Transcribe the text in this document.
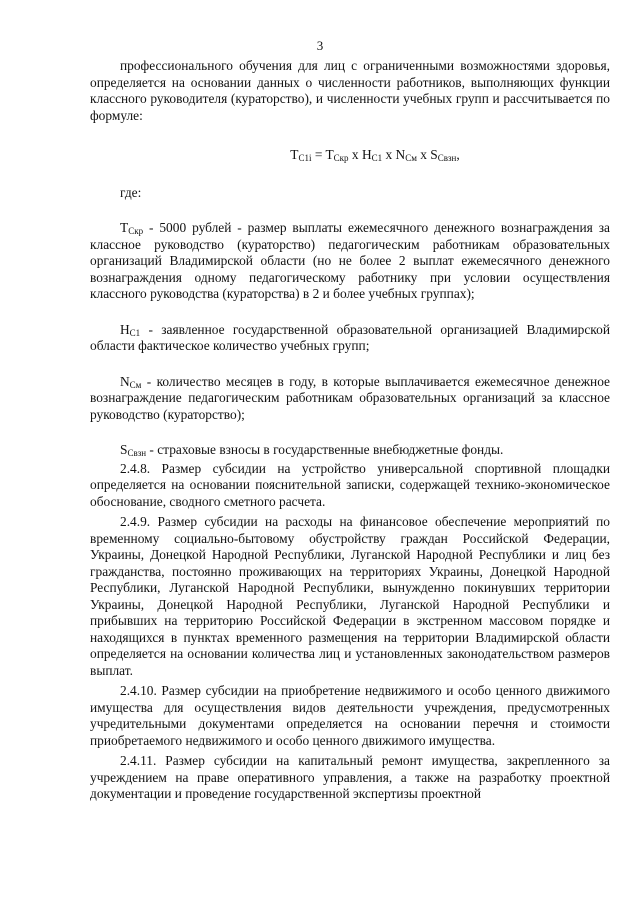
3

профессионального обучения для лиц с ограниченными возможностями здоровья, определяется на основании данных о численности работников, выполняющих функции классного руководителя (кураторство), и численности учебных групп и рассчитывается по формуле:

$T_{C1i} = T_{Скр}$ x $H_{C1}$ x $N_{См}$ x $S_{Свзн}$,

где:

$T_{Скр} - 5000$ рублей - размер выплаты ежемесячного денежного вознаграждения за классное руководство (кураторство) педагогическим работникам образовательных организаций Владимирской области (но не более 2 выплат ежемесячного денежного вознаграждения одному педагогическому работнику при условии осуществления классного руководства (кураторства) в 2 и более учебных группах);

$H_{C1}$ - заявленное государственной образовательной организацией Владимирской области фактическое количество учебных групп;

$N_{См}$ - количество месяцев в году, в которые выплачивается ежемесячное денежное вознаграждение педагогическим работникам образовательных организаций за классное руководство (кураторство);

$S_{Свзн}$ - страховые взносы в государственные внебюджетные фонды.

2.4.8. Размер субсидии на устройство универсальной спортивной площадки определяется на основании пояснительной записки, содержащей технико-экономическое обоснование, сводного сметного расчета.

2.4.9. Размер субсидии на расходы на финансовое обеспечение мероприятий по временному социально-бытовому обустройству граждан Российской Федерации, Украины, Донецкой Народной Республики, Луганской Народной Республики и лиц без гражданства, постоянно проживающих на территориях Украины, Донецкой Народной Республики, Луганской Народной Республики, вынужденно покинувших территории Украины, Донецкой Народной Республики, Луганской Народной Республики и прибывших на территорию Российской Федерации в экстренном массовом порядке и находящихся в пунктах временного размещения на территории Владимирской области определяется на основании количества лиц и установленных законодательством размеров выплат.

2.4.10. Размер субсидии на приобретение недвижимого и особо ценного движимого имущества для осуществления видов деятельности учреждения, предусмотренных учредительными документами определяется на основании перечня и стоимости приобретаемого недвижимого и особо ценного движимого имущества.

2.4.11. Размер субсидии на капитальный ремонт имущества, закрепленного за учреждением на праве оперативного управления, а также на разработку проектной документации и проведение государственной экспертизы проектной
